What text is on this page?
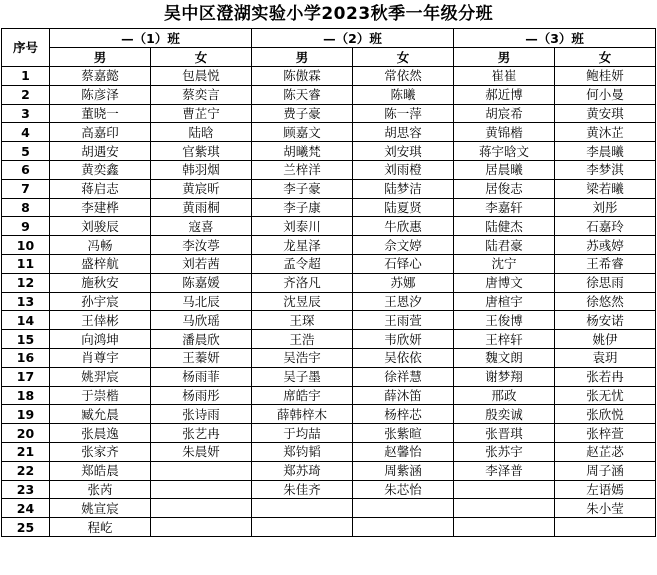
吴中区澄湖实验小学2023秋季一年级分班
序号	—（1）班		—（2）班		—（3）班	
	男	女	男	女	男	女
1	蔡嘉懿	包晨悦	陈傲霖	常依然	崔崔	鲍桂妍
2	陈彦泽	蔡奕言	陈天睿	陈曦	郝近博	何小曼
3	董晓一	曹芷宁	费子豪	陈一萍	胡宸希	黄安琪
4	高嘉印	陆晗	顾嘉文	胡思容	黄锦楷	黄沐芷
5	胡遇安	官紫琪	胡曦梵	刘安琪	蒋宇晗文	李晨曦
6	黄奕鑫	韩羽烟	兰梓洋	刘雨橙	居晨曦	李梦淇
7	蒋启志	黄宸昕	李子豪	陆梦洁	居俊志	梁若曦
8	李建桦	黄雨桐	李子康	陆夏贤	李嘉轩	刘彤
9	刘骏辰	寇喜	刘泰川	牛欣惠	陆健杰	石嘉玲
10	冯畅	李汝葶	龙星泽	佘文婷	陆君豪	苏彧婷
11	盛梓航	刘若茜	孟令超	石铎心	沈宁	王希睿
12	施秋安	陈嘉媛	齐洛凡	苏娜	唐博文	徐思雨
13	孙宇宸	马北辰	沈昱辰	王恩汐	唐楦宇	徐悠然
14	王倖彬	马欣瑶	王琛	王雨萱	王俊博	杨安诺
15	向鸿坤	潘晨欣	王浩	韦欣妍	王梓轩	姚伊
16	肖尊宇	王蓁妍	吴浩宇	吴依依	魏文朗	袁玥
17	姚羿宸	杨雨菲	吴子墨	徐祥慧	谢梦翔	张若冉
18	于崇楷	杨雨彤	席皓宇	薛沐笛	邢政	张无忧
19	臧允晨	张诗雨	薛韩梓木	杨梓芯	殷奕诚	张欣悦
20	张晨逸	张艺冉	于均喆	张紫暄	张晋琪	张梓萱
21	张家齐	朱晨妍	郑钧韬	赵馨怡	张苏宇	赵芷苾
22	郑皓晨		郑苏琦	周紫涵	李泽普	周子涵
23	张芮		朱佳齐	朱芯怡		左语嫣
24	姚宣宸					朱小莹
25	程屹					
